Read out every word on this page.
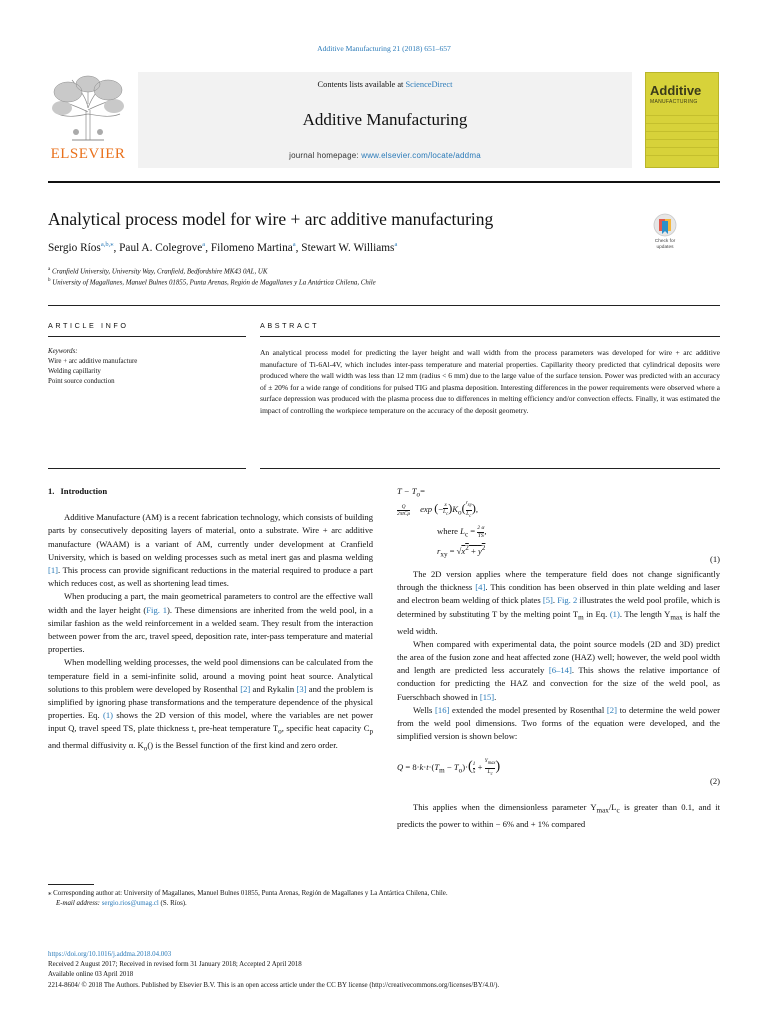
Additive Manufacturing 21 (2018) 651–657
ELSEVIER
Contents lists available at ScienceDirect
Additive Manufacturing
journal homepage: www.elsevier.com/locate/addma
Additive
MANUFACTURING
Analytical process model for wire + arc additive manufacturing
Check for updates
Sergio Ríos$^{a,b,⁎}$, Paul A. Colegrove$^a$, Filomeno Martina$^a$, Stewart W. Williams$^a$
$^a$ Cranfield University, University Way, Cranfield, Bedfordshire MK43 0AL, UK
$^b$ University of Magallanes, Manuel Bulnes 01855, Punta Arenas, Región de Magallanes y La Antártica Chilena, Chile
ARTICLE INFO	ABSTRACT
Keywords:
Wire + arc additive manufacture
Welding capillarity
Point source conduction
An analytical process model for predicting the layer height and wall width from the process parameters was developed for wire + arc additive manufacture of Ti-6Al-4V, which includes inter-pass temperature and material properties. Capillarity theory predicted that cylindrical deposits were produced where the wall width was less than 12 mm (radius < 6 mm) due to the large value of the surface tension. Power was predicted with an accuracy of ± 20% for a wide range of conditions for pulsed TIG and plasma deposition. Interesting differences in the power requirements were observed where a surface depression was produced with the plasma process due to differences in melting efficiency and/or convection effects. Finally, it was estimated the impact of controlling the workpiece temperature on the accuracy of the deposit geometry.
1. Introduction

Additive Manufacture (AM) is a recent fabrication technology, which consists of building parts by consecutively depositing layers of material, onto a substrate. Wire + arc additive manufacture (WAAM) is a variant of AM, currently under development at Cranfield University, which is based on welding processes such as metal inert gas and plasma welding [1]. This process can provide significant reductions in the material required to produce a part which reduces cost, as well as shortening lead times.

When producing a part, the main geometrical parameters to control are the effective wall width and the layer height (Fig. 1). These dimensions are inherited from the weld pool, in a similar fashion as the weld reinforcement in a welded seam. They result from the interaction between power from the arc, travel speed, deposition rate, inter-pass temperature and material properties.

When modelling welding processes, the weld pool dimensions can be calculated from the temperature field in a semi-infinite solid, around a moving point heat source. Analytical solutions to this problem were developed by Rosenthal [2] and Rykalin [3] and the problem is simplified by ignoring phase transformations and the temperature dependence of the physical properties. Eq. (1) shows the 2D version of this model, where the variables are net power input Q, travel speed TS, plate thickness t, pre-heat temperature $T_o$, specific heat capacity $C_p$ and thermal diffusivity α. $K_o()$ is the Bessel function of the first kind and zero order.

$T - T_o=$
Q
2πtCρ exp (− $\frac{x}{L_c})K_o( \frac{r_{xy}}{L_c})$,
where $L_c = \frac{2 \alpha}{TS}$,
$r_{xy} = √x^2 + y^2$
(1)

The 2D version applies where the temperature field does not change significantly through the thickness [4]. This condition has been observed in thin plate welding and laser and electron beam welding of thick plates [5]. Fig. 2 illustrates the weld pool profile, which is determined by substituting T by the melting point $T_m$ in Eq. (1). The length $Y_{max}$ is half the weld width.

When compared with experimental data, the point source models (2D and 3D) predict the area of the fusion zone and heat affected zone (HAZ) well; however, the weld pool width and length are predicted less accurately [6–14]. This shows the relative importance of conduction for predicting the HAZ and convection for the size of the weld pool, as Fuerschbach showed in [15].

Wells [16] extended the model presented by Rosenthal [2] to determine the weld power from the weld pool dimensions. Two forms of the equation were developed, and the simplified version is shown below:

$Q = 8\cdot k\cdot t\cdot(T_m - T_o)\cdot( \frac{1}{5} + \frac{Y_{max}}{L_c})$
(2)

This applies when the dimensionless parameter $Y_{max}/L_c$ is greater than 0.1, and it predicts the power to within − 6% and + 1% compared

⁎ Corresponding author at: University of Magallanes, Manuel Bulnes 01855, Punta Arenas, Región de Magallanes y La Antártica Chilena, Chile.
E-mail address: sergio.rios@umag.cl (S. Ríos).
https://doi.org/10.1016/j.addma.2018.04.003
Received 2 August 2017; Received in revised form 31 January 2018; Accepted 2 April 2018
Available online 03 April 2018
2214-8604/ © 2018 The Authors. Published by Elsevier B.V. This is an open access article under the CC BY license (http://creativecommons.org/licenses/BY/4.0/).
